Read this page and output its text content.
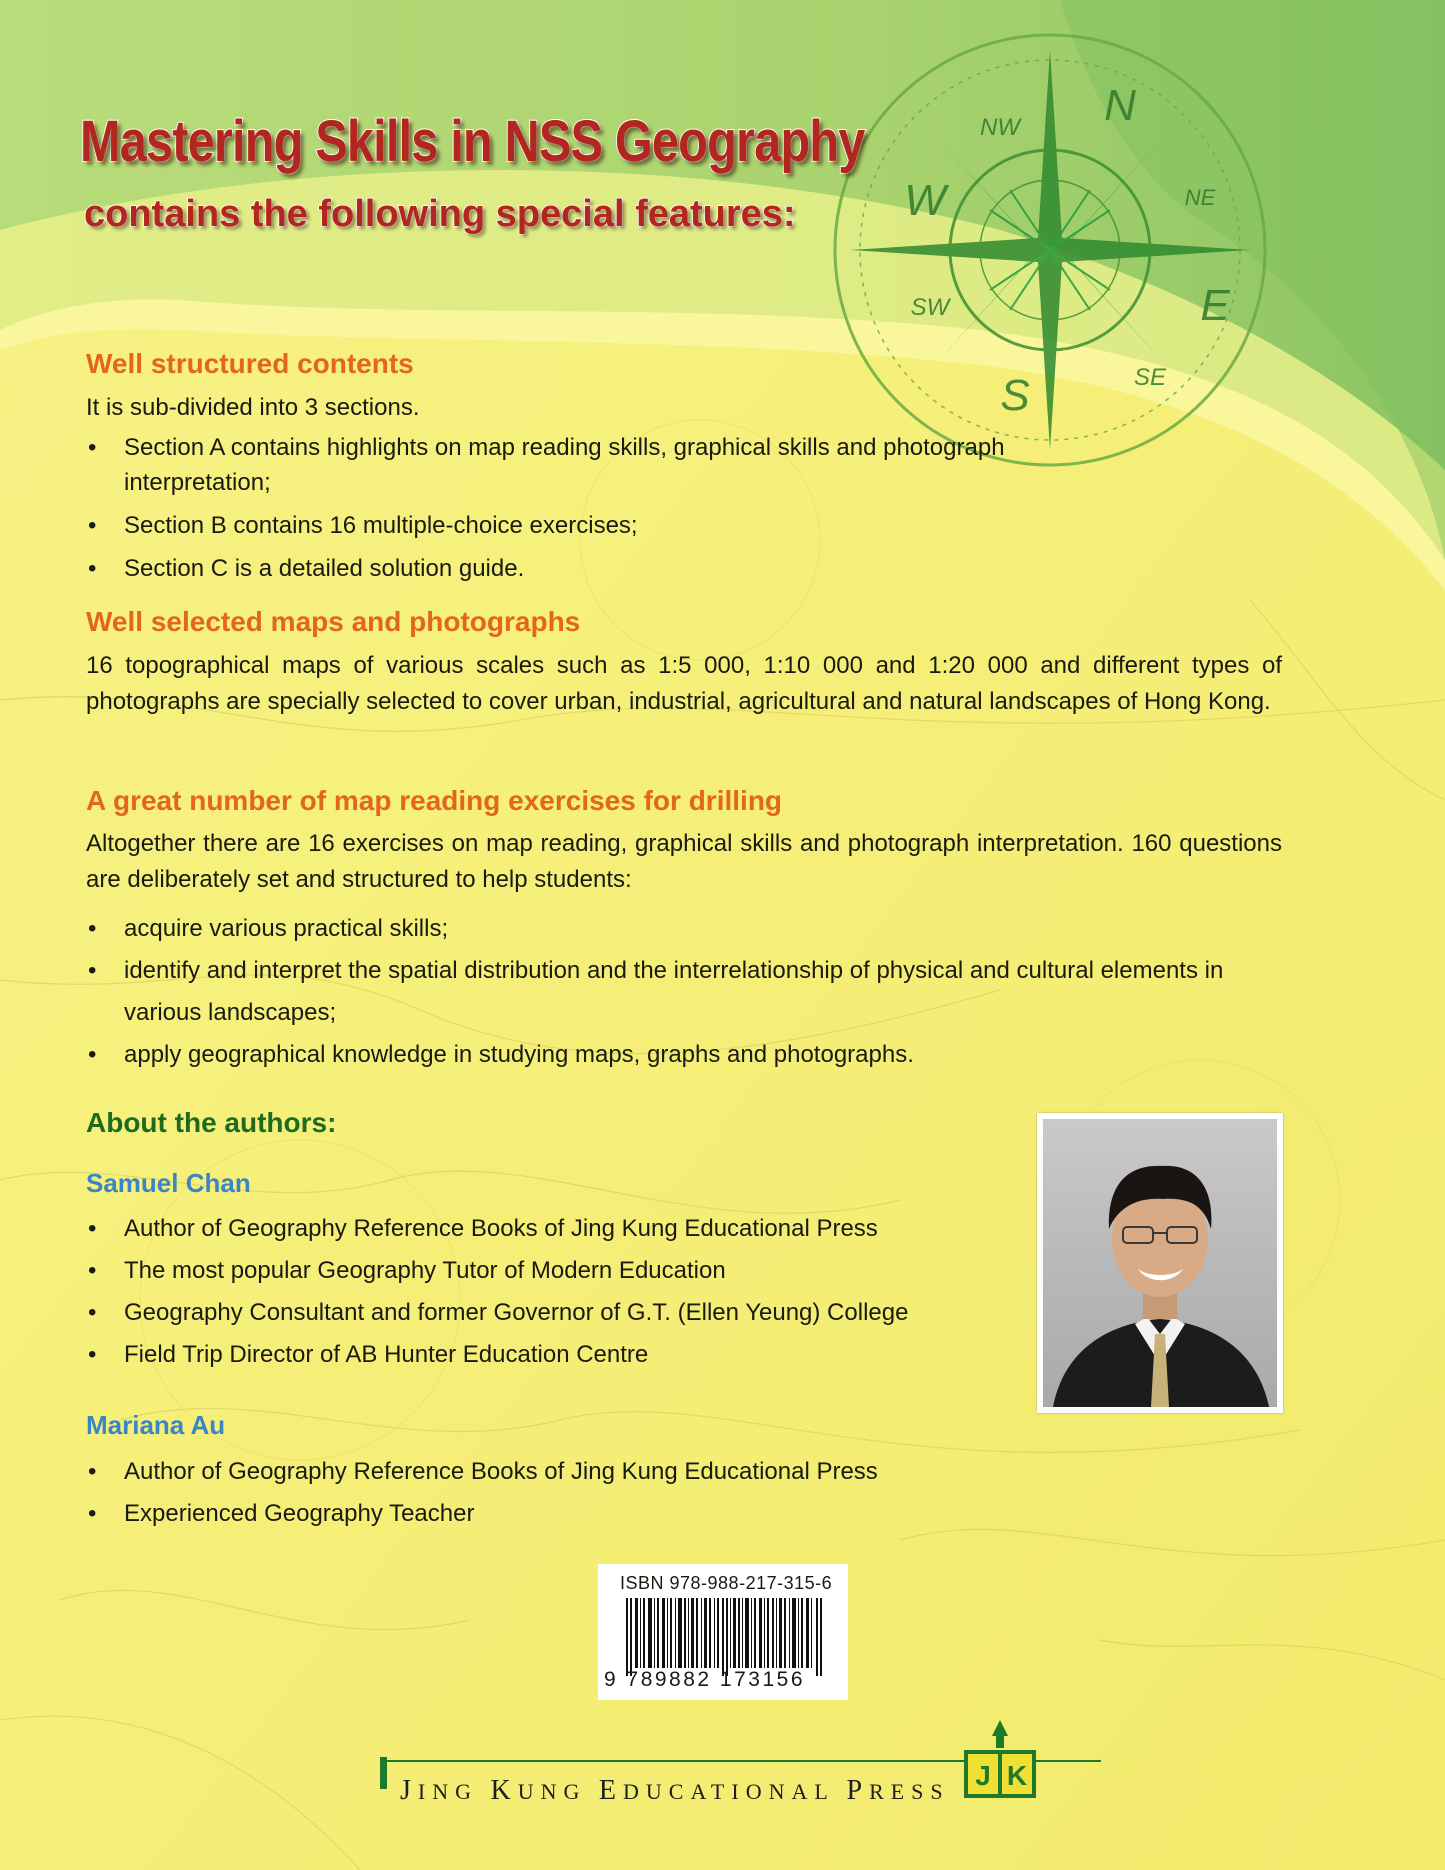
N
NE
E
SE
S
SW
W
NW
Mastering Skills in NSS Geography
contains the following special features:
Well structured contents
It is sub-divided into 3 sections.
• Section A contains highlights on map reading skills, graphical skills and photograph interpretation;
• Section B contains 16 multiple-choice exercises;
• Section C is a detailed solution guide.
Well selected maps and photographs
16 topographical maps of various scales such as 1:5 000, 1:10 000 and 1:20 000 and different types of photographs are specially selected to cover urban, industrial, agricultural and natural landscapes of Hong Kong.
A great number of map reading exercises for drilling
Altogether there are 16 exercises on map reading, graphical skills and photograph interpretation. 160 questions are deliberately set and structured to help students:
• acquire various practical skills;
• identify and interpret the spatial distribution and the interrelationship of physical and cultural elements in various landscapes;
• apply geographical knowledge in studying maps, graphs and photographs.
About the authors:
Samuel Chan
• Author of Geography Reference Books of Jing Kung Educational Press
• The most popular Geography Tutor of Modern Education
• Geography Consultant and former Governor of G.T. (Ellen Yeung) College
• Field Trip Director of AB Hunter Education Centre
Mariana Au
• Author of Geography Reference Books of Jing Kung Educational Press
• Experienced Geography Teacher
ISBN 978-988-217-315-6
9 789882 173156
JING KUNG EDUCATIONAL PRESS
J K
